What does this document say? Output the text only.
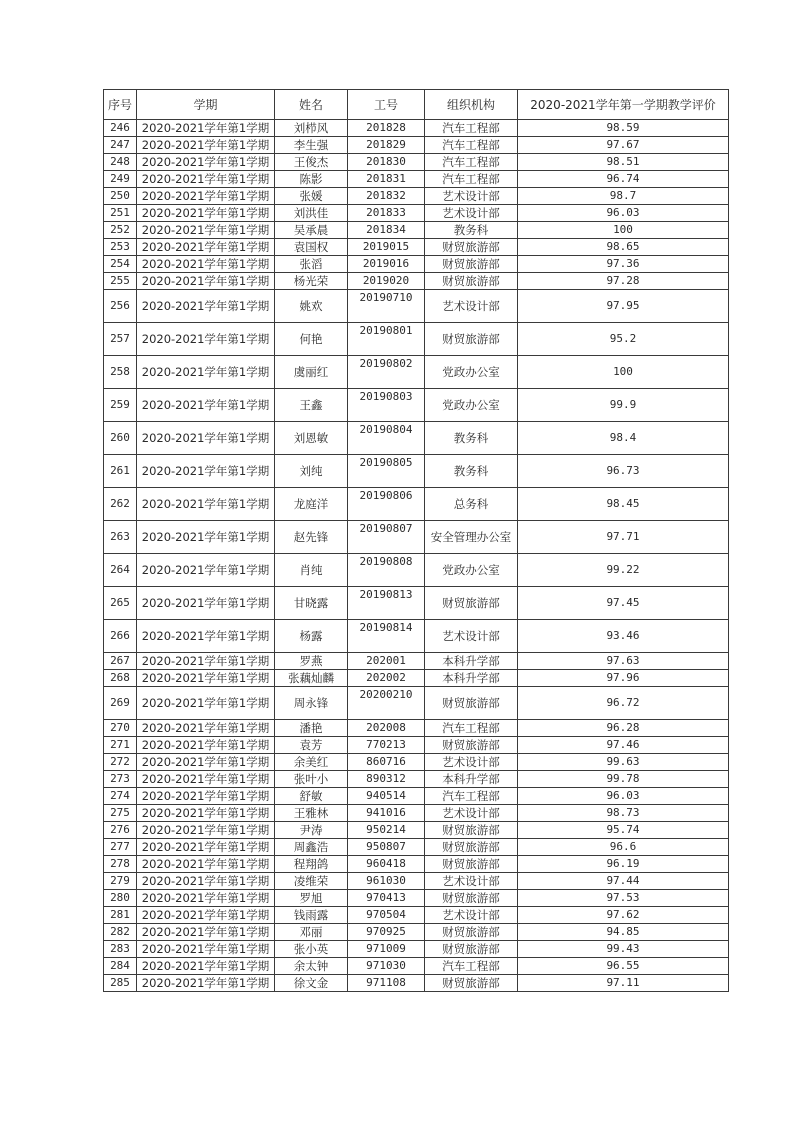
序号	学期	姓名	工号	组织机构	2020-2021学年第一学期教学评价
246	2020-2021学年第1学期	刘栉风	201828	汽车工程部	98.59
247	2020-2021学年第1学期	李生强	201829	汽车工程部	97.67
248	2020-2021学年第1学期	王俊杰	201830	汽车工程部	98.51
249	2020-2021学年第1学期	陈影	201831	汽车工程部	96.74
250	2020-2021学年第1学期	张媛	201832	艺术设计部	98.7
251	2020-2021学年第1学期	刘洪佳	201833	艺术设计部	96.03
252	2020-2021学年第1学期	吴承晨	201834	教务科	100
253	2020-2021学年第1学期	袁国权	2019015	财贸旅游部	98.65
254	2020-2021学年第1学期	张滔	2019016	财贸旅游部	97.36
255	2020-2021学年第1学期	杨光荣	2019020	财贸旅游部	97.28
256	2020-2021学年第1学期	姚欢	20190710	艺术设计部	97.95
257	2020-2021学年第1学期	何艳	20190801	财贸旅游部	95.2
258	2020-2021学年第1学期	虞丽红	20190802	党政办公室	100
259	2020-2021学年第1学期	王鑫	20190803	党政办公室	99.9
260	2020-2021学年第1学期	刘恩敏	20190804	教务科	98.4
261	2020-2021学年第1学期	刘纯	20190805	教务科	96.73
262	2020-2021学年第1学期	龙庭洋	20190806	总务科	98.45
263	2020-2021学年第1学期	赵先锋	20190807	安全管理办公室	97.71
264	2020-2021学年第1学期	肖纯	20190808	党政办公室	99.22
265	2020-2021学年第1学期	甘晓露	20190813	财贸旅游部	97.45
266	2020-2021学年第1学期	杨露	20190814	艺术设计部	93.46
267	2020-2021学年第1学期	罗燕	202001	本科升学部	97.63
268	2020-2021学年第1学期	张藕灿麟	202002	本科升学部	97.96
269	2020-2021学年第1学期	周永锋	20200210	财贸旅游部	96.72
270	2020-2021学年第1学期	潘艳	202008	汽车工程部	96.28
271	2020-2021学年第1学期	袁芳	770213	财贸旅游部	97.46
272	2020-2021学年第1学期	余美红	860716	艺术设计部	99.63
273	2020-2021学年第1学期	张叶小	890312	本科升学部	99.78
274	2020-2021学年第1学期	舒敏	940514	汽车工程部	96.03
275	2020-2021学年第1学期	王雅林	941016	艺术设计部	98.73
276	2020-2021学年第1学期	尹涛	950214	财贸旅游部	95.74
277	2020-2021学年第1学期	周鑫浩	950807	财贸旅游部	96.6
278	2020-2021学年第1学期	程翔鸽	960418	财贸旅游部	96.19
279	2020-2021学年第1学期	凌维荣	961030	艺术设计部	97.44
280	2020-2021学年第1学期	罗旭	970413	财贸旅游部	97.53
281	2020-2021学年第1学期	钱雨露	970504	艺术设计部	97.62
282	2020-2021学年第1学期	邓丽	970925	财贸旅游部	94.85
283	2020-2021学年第1学期	张小英	971009	财贸旅游部	99.43
284	2020-2021学年第1学期	余太钟	971030	汽车工程部	96.55
285	2020-2021学年第1学期	徐文金	971108	财贸旅游部	97.11
